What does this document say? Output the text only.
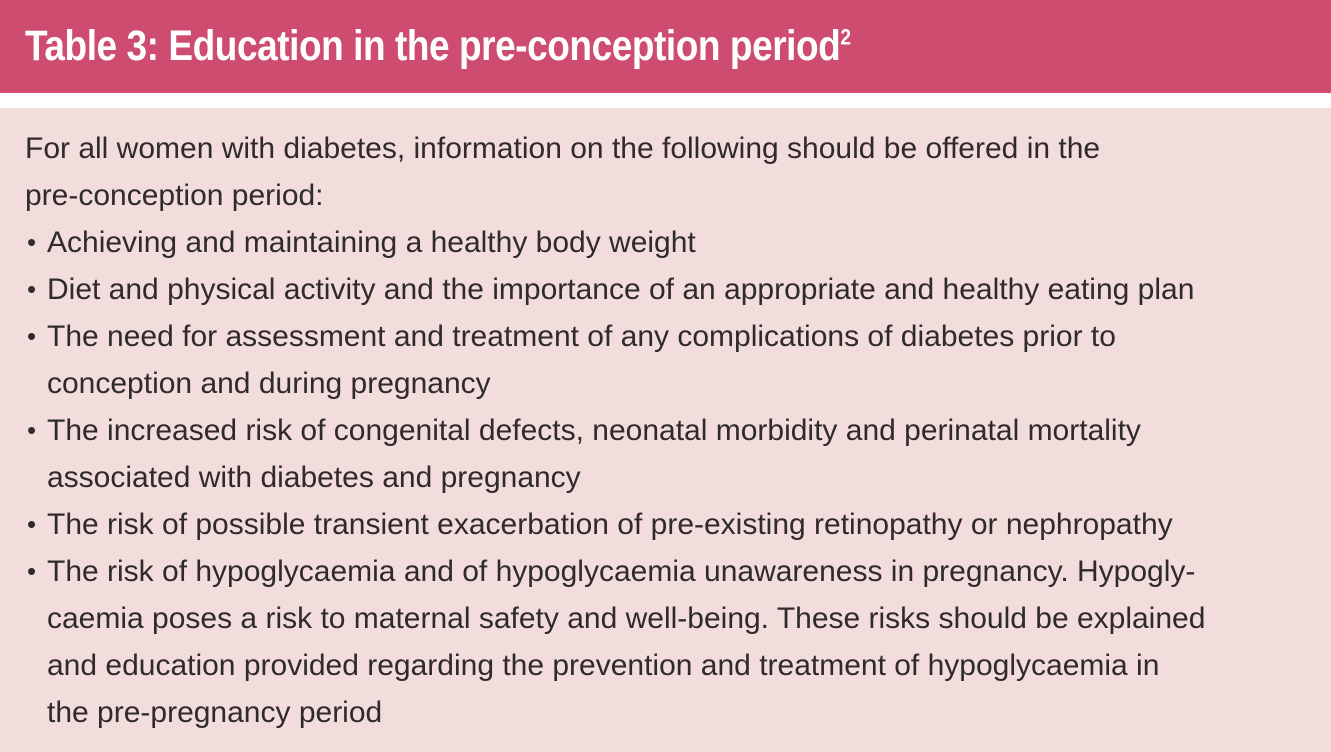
Table 3: Education in the pre-conception period$^2$
For all women with diabetes, information on the following should be offered in the
pre-conception period:
• Achieving and maintaining a healthy body weight
• Diet and physical activity and the importance of an appropriate and healthy eating plan
• The need for assessment and treatment of any complications of diabetes prior to
conception and during pregnancy
• The increased risk of congenital defects, neonatal morbidity and perinatal mortality
associated with diabetes and pregnancy
• The risk of possible transient exacerbation of pre-existing retinopathy or nephropathy
• The risk of hypoglycaemia and of hypoglycaemia unawareness in pregnancy. Hypogly-
caemia poses a risk to maternal safety and well-being. These risks should be explained
and education provided regarding the prevention and treatment of hypoglycaemia in
the pre-pregnancy period
